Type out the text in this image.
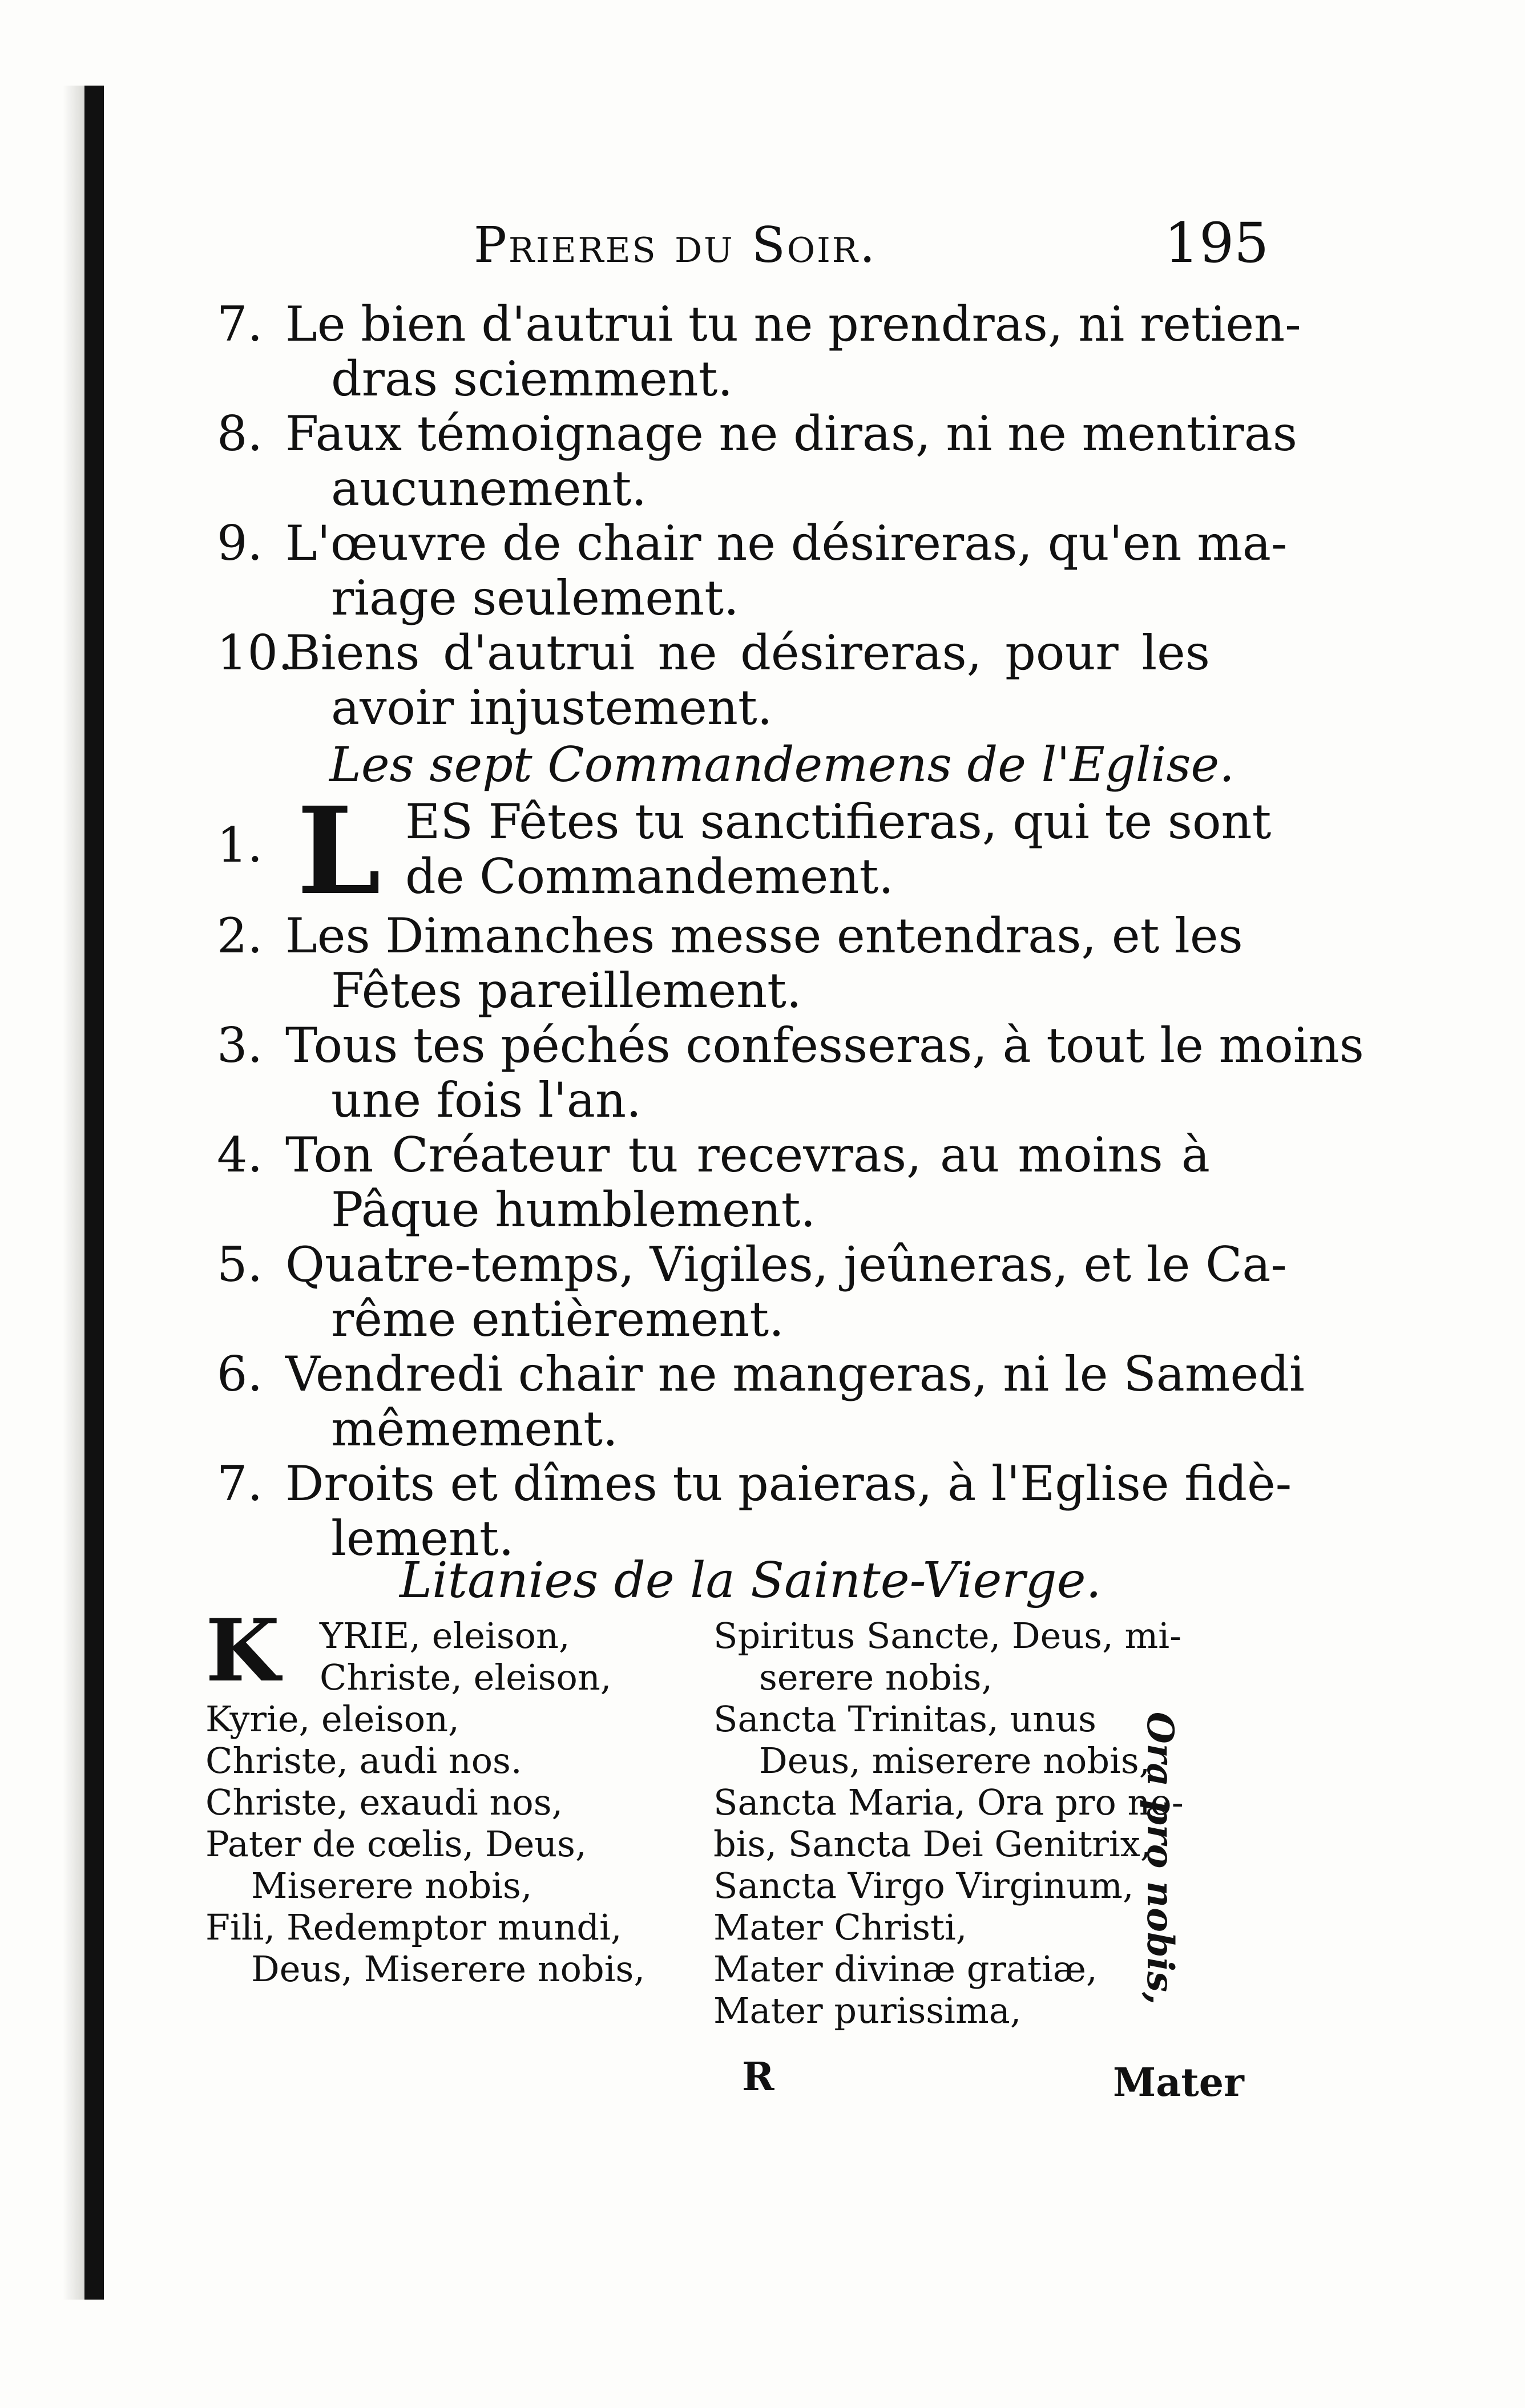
Prieres du Soir.	195
7. Le bien d'autrui tu ne prendras, ni retien-
dras sciemment.
8. Faux témoignage ne diras, ni ne mentiras
aucunement.
9. L'œuvre de chair ne désireras, qu'en ma-
riage seulement.
10.Biens d'autrui ne désireras, pour les
avoir injustement.
Les sept Commandemens de l'Eglise.
1. L ES Fêtes tu sanctifieras, qui te sont
de Commandement.
2. Les Dimanches messe entendras, et les
Fêtes pareillement.
3. Tous tes péchés confesseras, à tout le moins
une fois l'an.
4. Ton Créateur tu recevras, au moins à
Pâque humblement.
5. Quatre-temps, Vigiles, jeûneras, et le Ca-
rême entièrement.
6. Vendredi chair ne mangeras, ni le Samedi
mêmement.
7. Droits et dîmes tu paieras, à l'Eglise fidè-
lement.
Litanies de la Sainte-Vierge.
K YRIE, eleison,
Christe, eleison,
Kyrie, eleison,
Christe, audi nos.
Christe, exaudi nos,
Pater de cœlis, Deus,
Miserere nobis,
Fili, Redemptor mundi,
Deus, Miserere nobis,
Spiritus Sancte, Deus, mi-
serere nobis,
Sancta Trinitas, unus
Deus, miserere nobis,
Sancta Maria, Ora pro no-
bis, Sancta Dei Genitrix,
Sancta Virgo Virginum,
Mater Christi,
Mater divinæ gratiæ,
Mater purissima,
Ora pro nobis,
R	Mater
